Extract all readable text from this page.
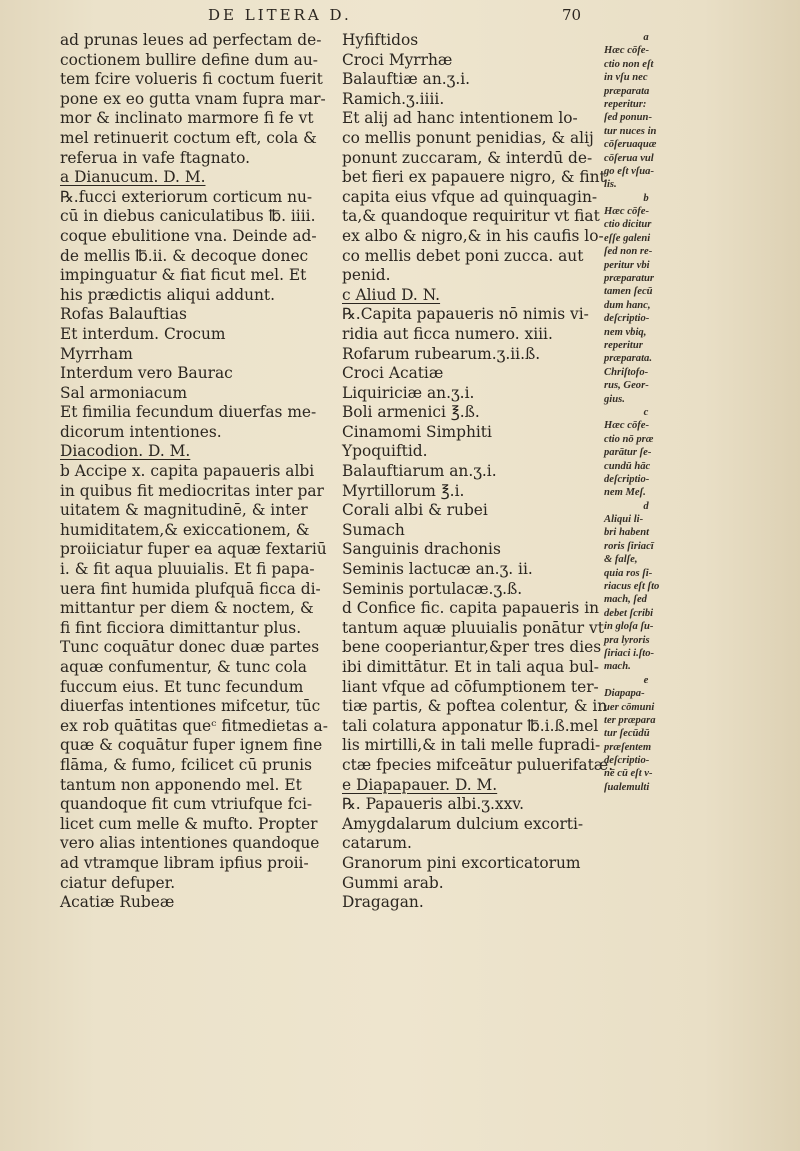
DE LITERA D.	70
ad prunas leues ad perfectam de-
coctionem bullire define dum au-
tem fcire volueris fi coctum fuerit
pone ex eo gutta vnam fupra mar-
mor & inclinato marmore fi fe vt
mel retinuerit coctum eft, cola &
referua in vafe ftagnato.
a Dianucum. D. M.
℞.fucci exteriorum corticum nu-
cū in diebus caniculatibus ℔. iiii.
coque ebulitione vna. Deinde ad-
de mellis ℔.ii. & decoque donec
impinguatur & fiat ficut mel. Et
his prædictis aliqui addunt.
Rofas Balauftias
Et interdum. Crocum
Myrrham
Interdum vero Baurac
Sal armoniacum
Et fimilia fecundum diuerfas me-
dicorum intentiones.
Diacodion. D. M.
b Accipe x. capita papaueris albi
in quibus fit mediocritas inter par
uitatem & magnitudinē, & inter
humiditatem,& exiccationem, &
proiiciatur fuper ea aquæ fextariū
i. & fit aqua pluuialis. Et fi papa-
uera fint humida plufquā ficca di-
mittantur per diem & noctem, &
fi fint ficciora dimittantur plus.
Tunc coquātur donec duæ partes
aquæ confumentur, & tunc cola
fuccum eius. Et tunc fecundum
diuerfas intentiones mifcetur, tūc
ex rob quātitas queᶜ fitmedietas a-
quæ & coquātur fuper ignem fine
flāma, & fumo, fcilicet cū prunis
tantum non apponendo mel. Et
quandoque fit cum vtriufque fci-
licet cum melle & mufto. Propter
vero alias intentiones quandoque
ad vtramque libram ipfius proii-
ciatur defuper.
Acatiæ Rubeæ
Hyfiftidos
Croci Myrrhæ
Balauftiæ an.ʒ.i.
Ramich.ʒ.iiii.
Et alij ad hanc intentionem lo-
co mellis ponunt penidias, & alij
ponunt zuccaram, & interdū de-
bet fieri ex papauere nigro, & fint
capita eius vfque ad quinquagin-
ta,& quandoque requiritur vt fiat
ex albo & nigro,& in his caufis lo-
co mellis debet poni zucca. aut
penid.
c Aliud D. N.
℞.Capita papaueris nō nimis vi-
ridia aut ficca numero. xiii.
Rofarum rubearum.ʒ.ii.ß.
Croci Acatiæ
Liquiriciæ an.ʒ.i.
Boli armenici ℥.ß.
Cinamomi Simphiti
Ypoquiftid.
Balauftiarum an.ʒ.i.
Myrtillorum ℥.i.
Corali albi & rubei
Sumach
Sanguinis drachonis
Seminis lactucæ an.ʒ. ii.
Seminis portulacæ.ʒ.ß.
d Confice fic. capita papaueris in
tantum aquæ pluuialis ponātur vt
bene cooperiantur,&per tres dies
ibi dimittātur. Et in tali aqua bul-
liant vfque ad cōfumptionem ter-
tiæ partis, & poftea colentur, & in
tali colatura apponatur ℔.i.ß.mel
lis mirtilli,& in tali melle fupradi-
ctæ fpecies mifceātur puluerifatæ.
e Diapapauer. D. M.
℞. Papaueris albi.ʒ.xxv.
Amygdalarum dulcium excorti-
catarum.
Granorum pini excorticatorum
Gummi arab.
Dragagan.
a
Hæc cōfe-
ctio non eſt
in vſu nec
præparata
reperitur:
ſed ponun-
tur nuces in
cōſeruaquæ
cōſerua vul
go eſt vſua-
lis.
b
Hæc cōfe-
ctio dicitur
eſſe galeni
ſed non re-
peritur vbi
præparatur
tamen ſecū
dum hanc,
deſcriptio-
nem vbiq,
reperitur
præparata.
Chriſtofo-
rus, Geor-
gius.
c
Hæc cōfe-
ctio nō præ
parātur ſe-
cundū hāc
deſcriptio-
nem Meſ.
d
Aliqui li-
bri habent
roris ſiriacī
& falſe,
quia ros ſi-
riacus eſt ſto
mach, ſed
debet ſcribi
in gloſa ſu-
pra lyroris
ſiriaci i.ſto-
mach.
e
Diapapa-
uer cōmuni
ter præpara
tur ſecūdū
præſentem
deſcriptio-
nē cū eſt v-
ſualemulti
